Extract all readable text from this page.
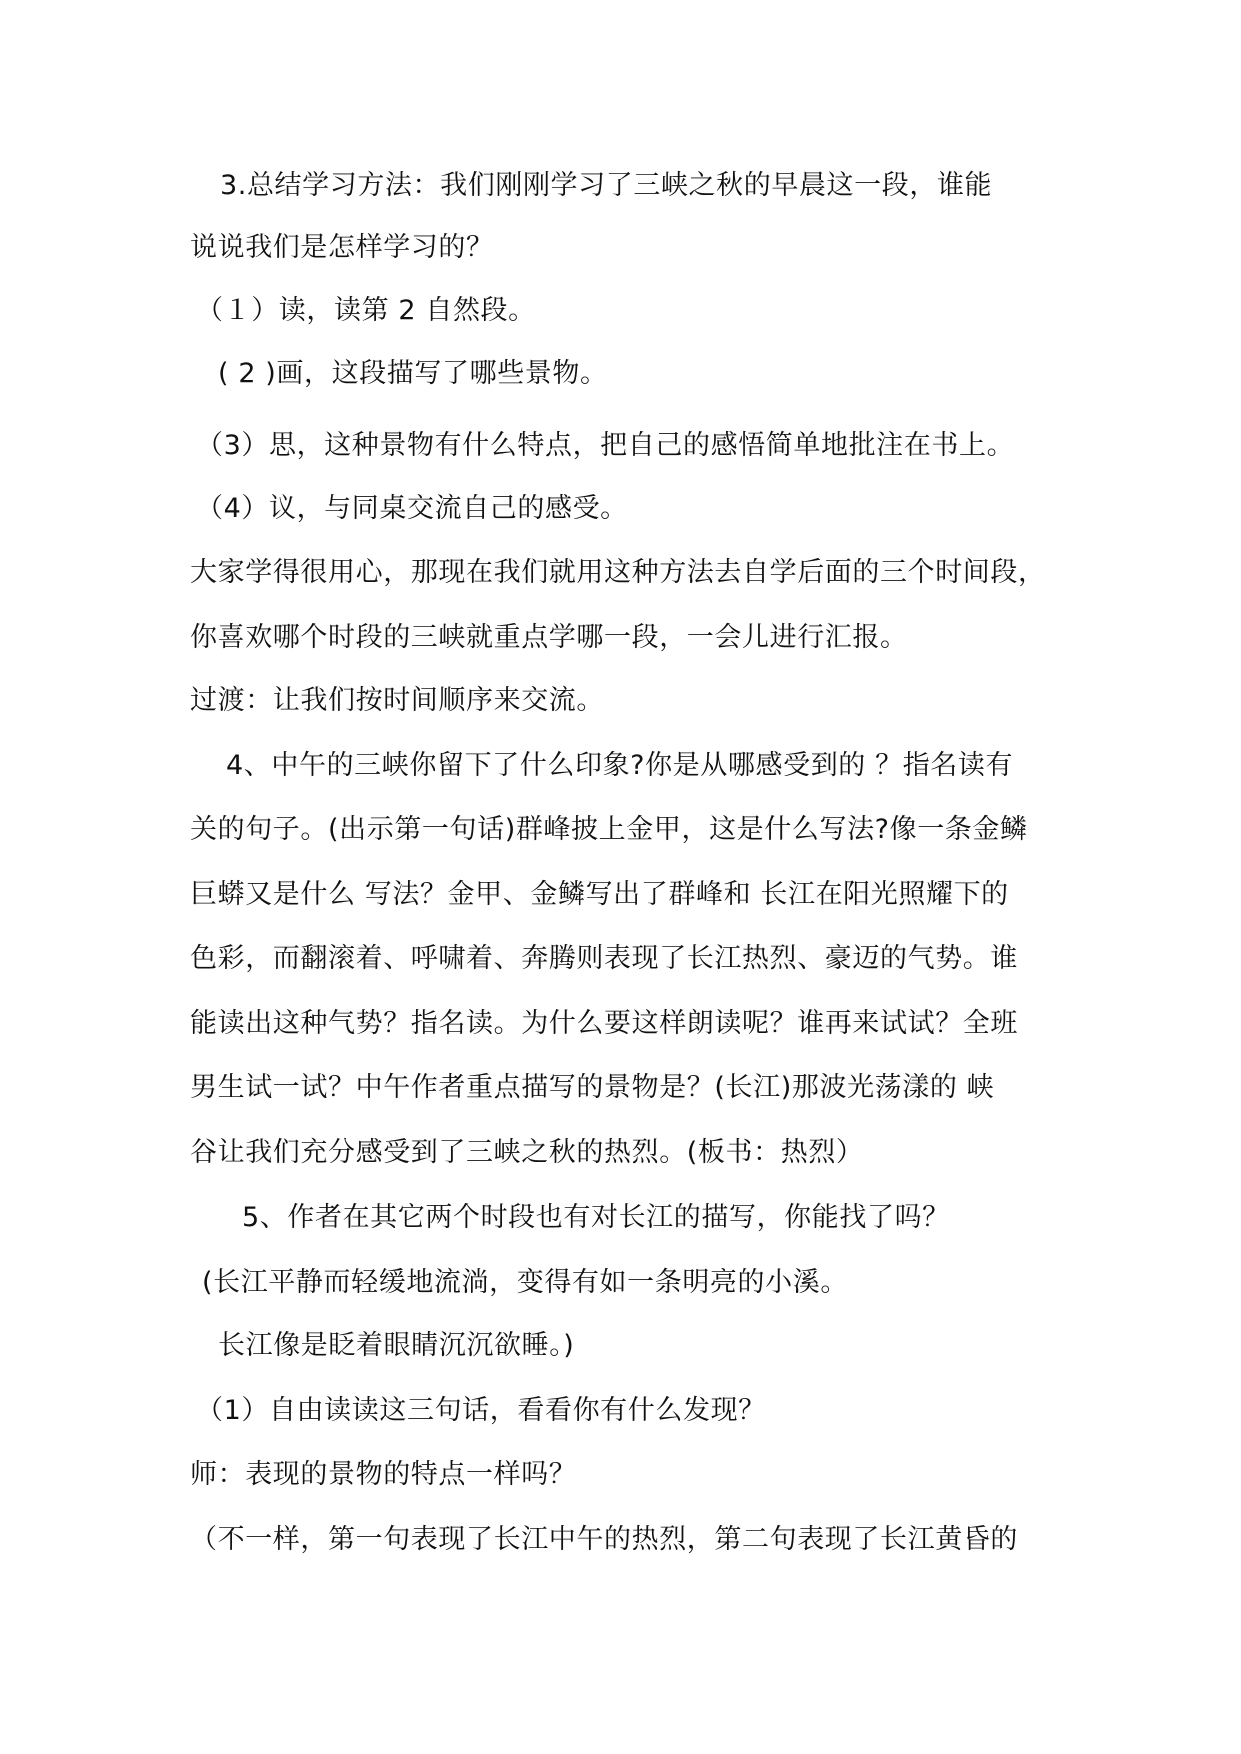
3.总结学习方法：我们刚刚学习了三峡之秋的早晨这一段，谁能
说说我们是怎样学习的？
（１）读，读第 2 自然段。
( 2 )画，这段描写了哪些景物。
（3）思，这种景物有什么特点，把自己的感悟简单地批注在书上。
（4）议，与同桌交流自己的感受。
大家学得很用心，那现在我们就用这种方法去自学后面的三个时间段，
你喜欢哪个时段的三峡就重点学哪一段，一会儿进行汇报。
过渡：让我们按时间顺序来交流。
4、中午的三峡你留下了什么印象?你是从哪感受到的 ？指名读有
关的句子。(出示第一句话)群峰披上金甲，这是什么写法?像一条金鳞
巨蟒又是什么 写法？金甲、金鳞写出了群峰和 长江在阳光照耀下的
色彩，而翻滚着、呼啸着、奔腾则表现了长江热烈、豪迈的气势。谁
能读出这种气势？指名读。为什么要这样朗读呢？谁再来试试？全班
男生试一试？中午作者重点描写的景物是？(长江)那波光荡漾的 峡
谷让我们充分感受到了三峡之秋的热烈。(板书：热烈）
5、作者在其它两个时段也有对长江的描写，你能找了吗？
(长江平静而轻缓地流淌，变得有如一条明亮的小溪。
长江像是眨着眼睛沉沉欲睡。)
（1）自由读读这三句话，看看你有什么发现？
师：表现的景物的特点一样吗？
（不一样，第一句表现了长江中午的热烈，第二句表现了长江黄昏的
